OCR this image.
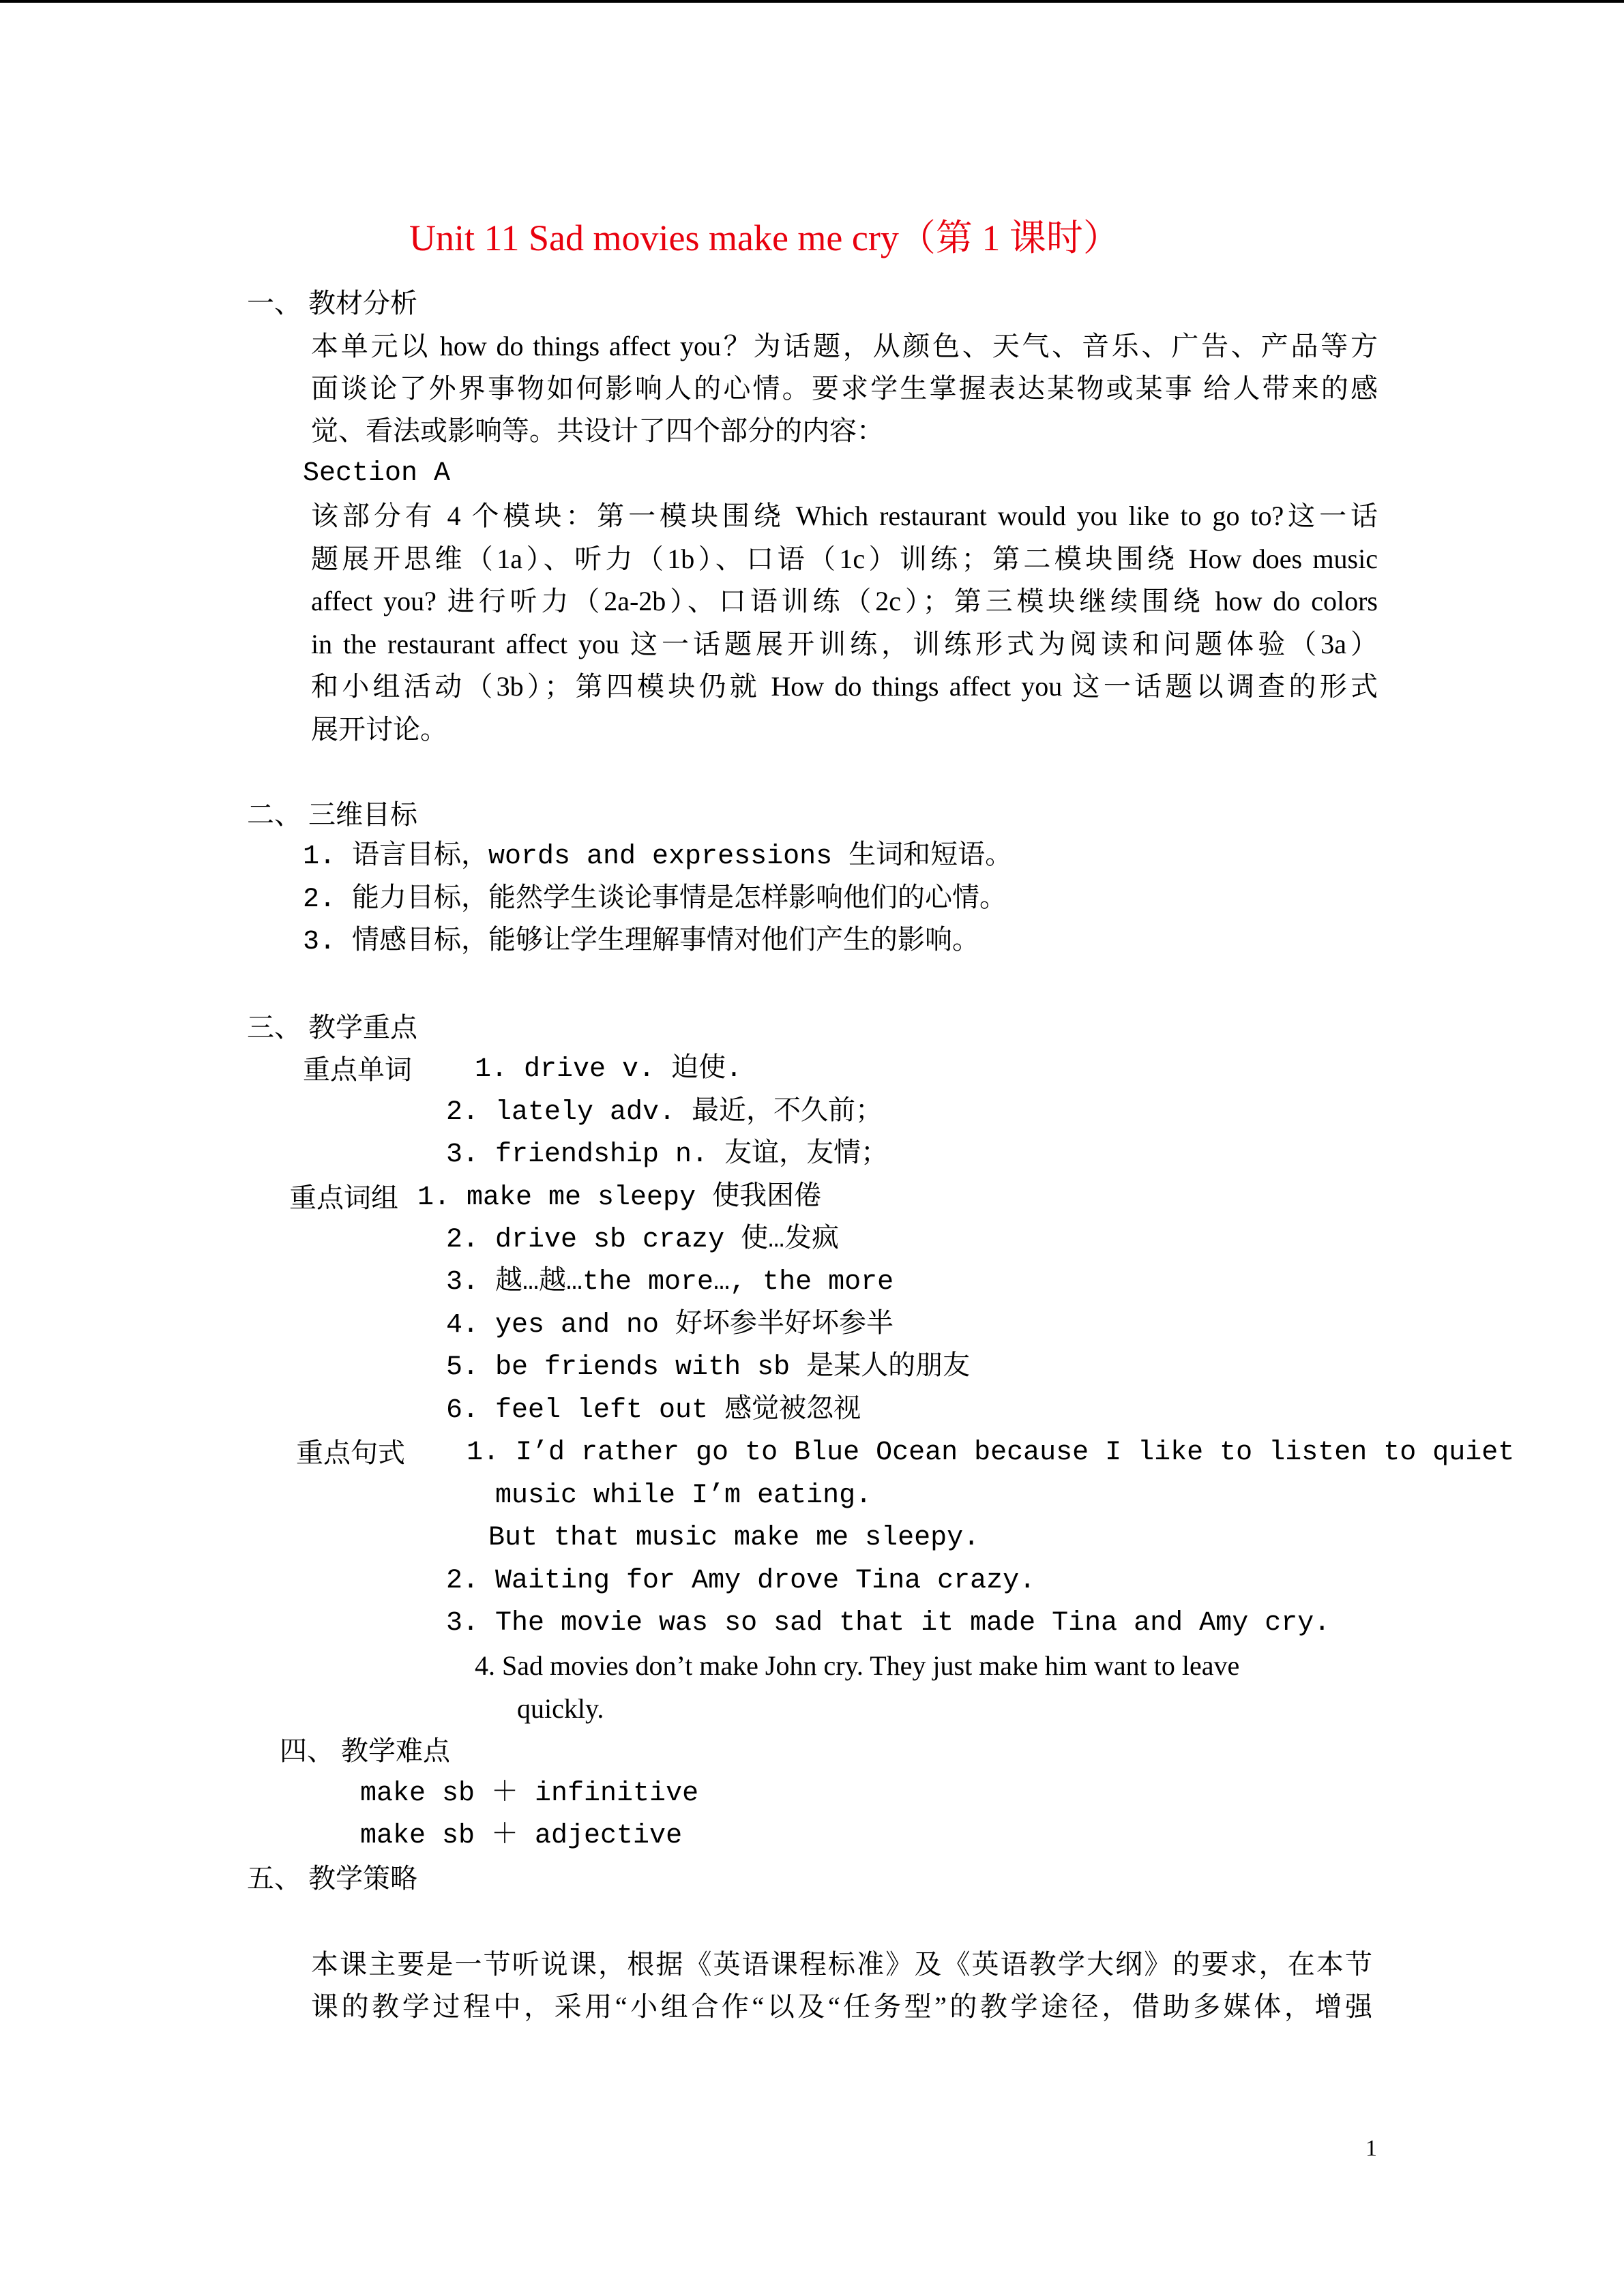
Unit 11 Sad movies make me cry（第 1 课时）
一、 教材分析
本单元以 how do things affect you？为话题，从颜色、天气、音乐、广告、产品等方
面谈论了外界事物如何影响人的心情。要求学生掌握表达某物或某事 给人带来的感
觉、看法或影响等。共设计了四个部分的内容：
Section A
该部分有 4 个模块：第一模块围绕 Which restaurant would you like to go to?这一话
题展开思维（1a）、听力（1b）、口语（1c）训练；第二模块围绕 How does music
affect you? 进行听力（2a-2b）、口语训练（2c）；第三模块继续围绕 how do colors
in the restaurant affect you 这一话题展开训练，训练形式为阅读和问题体验（3a）
和小组活动（3b）；第四模块仍就 How do things affect you 这一话题以调查的形式
展开讨论。
二、 三维目标
1. 语言目标，words and expressions 生词和短语。
2. 能力目标，能然学生谈论事情是怎样影响他们的心情。
3. 情感目标，能够让学生理解事情对他们产生的影响。
三、 教学重点
重点单词 1. drive v. 迫使.
2. lately adv. 最近，不久前；
3. friendship n. 友谊，友情；
重点词组 1. make me sleepy 使我困倦
2. drive sb crazy 使…发疯
3. 越…越…the more…, the more
4. yes and no 好坏参半好坏参半
5. be friends with sb 是某人的朋友
6. feel left out 感觉被忽视
重点句式 1. I’d rather go to Blue Ocean because I like to listen to quiet
music while I’m eating.
But that music make me sleepy.
2. Waiting for Amy drove Tina crazy.
3. The movie was so sad that it made Tina and Amy cry.
4. Sad movies don’t make John cry. They just make him want to leave
quickly.
四、 教学难点
make sb ＋ infinitive
make sb ＋ adjective
五、 教学策略
本课主要是一节听说课，根据《英语课程标准》及《英语教学大纲》的要求，在本节
课的教学过程中，采用“小组合作“以及“任务型”的教学途径，借助多媒体，增强
1
